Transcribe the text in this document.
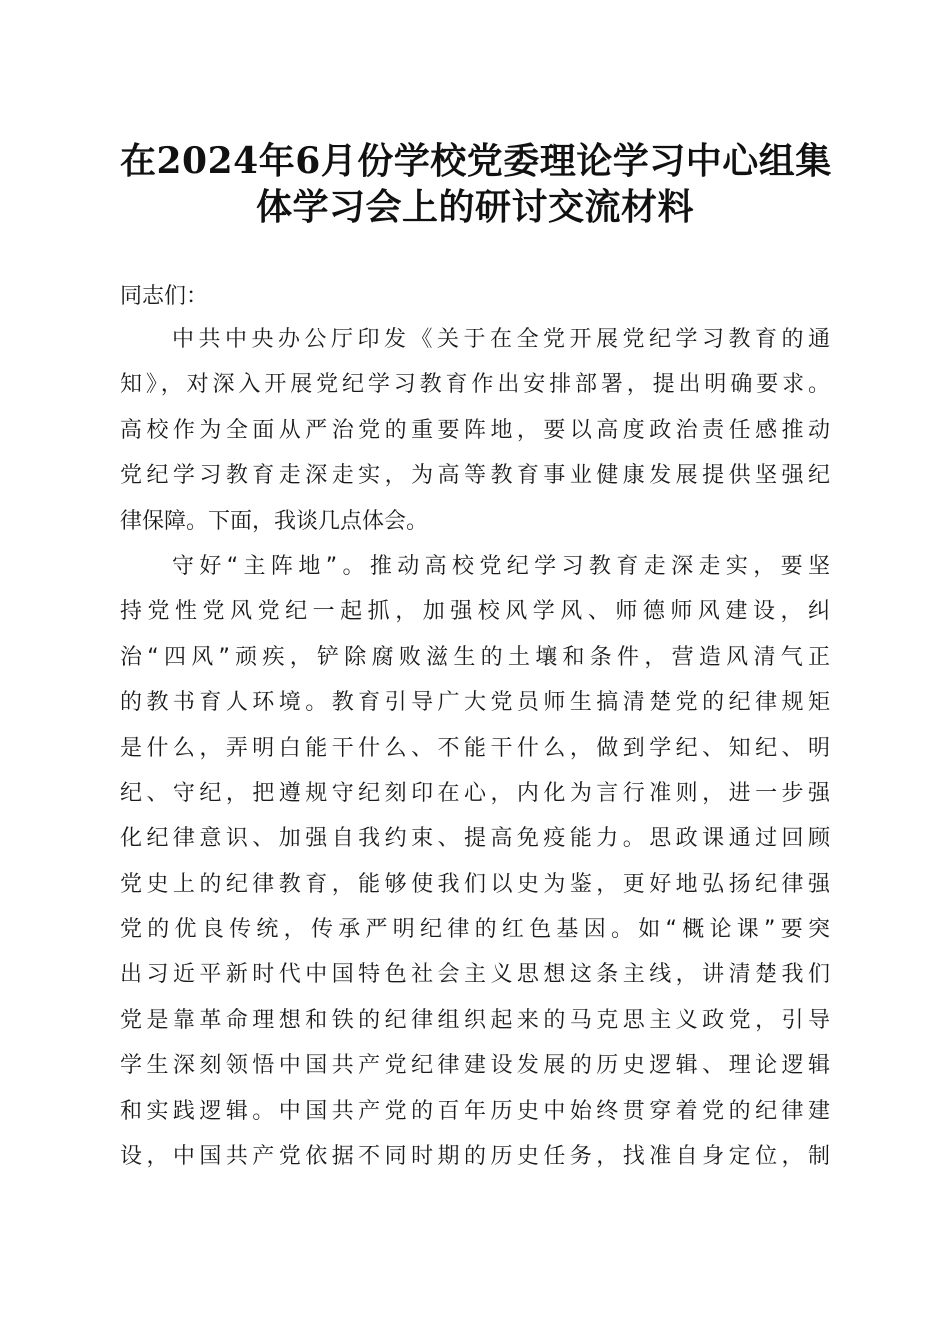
在2024年6月份学校党委理论学习中心组集
体学习会上的研讨交流材料
同志们：
中共中央办公厅印发《关于在全党开展党纪学习教育的通
知》，对深入开展党纪学习教育作出安排部署，提出明确要求。
高校作为全面从严治党的重要阵地，要以高度政治责任感推动
党纪学习教育走深走实，为高等教育事业健康发展提供坚强纪
律保障。下面，我谈几点体会。
守好“主阵地”。推动高校党纪学习教育走深走实，要坚
持党性党风党纪一起抓，加强校风学风、师德师风建设，纠
治“四风”顽疾，铲除腐败滋生的土壤和条件，营造风清气正
的教书育人环境。教育引导广大党员师生搞清楚党的纪律规矩
是什么，弄明白能干什么、不能干什么，做到学纪、知纪、明
纪、守纪，把遵规守纪刻印在心，内化为言行准则，进一步强
化纪律意识、加强自我约束、提高免疫能力。思政课通过回顾
党史上的纪律教育，能够使我们以史为鉴，更好地弘扬纪律强
党的优良传统，传承严明纪律的红色基因。如“概论课”要突
出习近平新时代中国特色社会主义思想这条主线，讲清楚我们
党是靠革命理想和铁的纪律组织起来的马克思主义政党，引导
学生深刻领悟中国共产党纪律建设发展的历史逻辑、理论逻辑
和实践逻辑。中国共产党的百年历史中始终贯穿着党的纪律建
设，中国共产党依据不同时期的历史任务，找准自身定位，制
